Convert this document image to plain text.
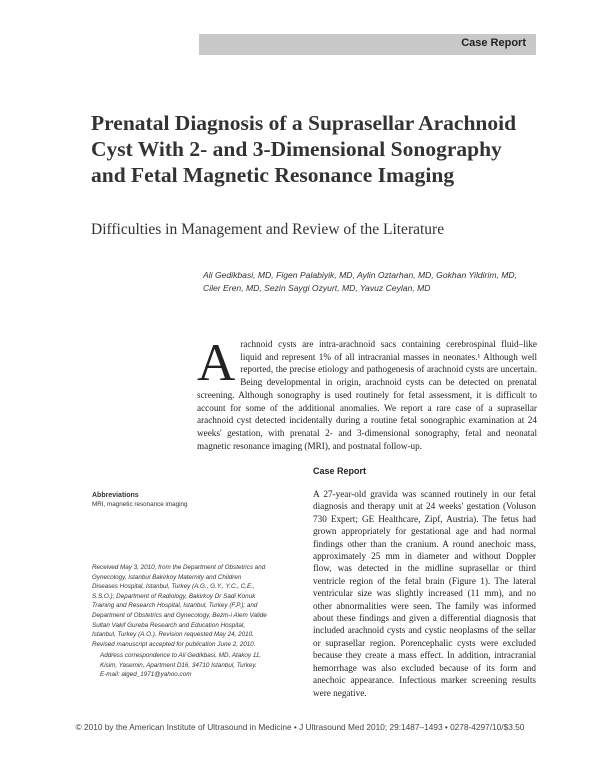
Case Report
Prenatal Diagnosis of a Suprasellar Arachnoid Cyst With 2- and 3-Dimensional Sonography and Fetal Magnetic Resonance Imaging
Difficulties in Management and Review of the Literature
Ali Gedikbasi, MD, Figen Palabiyik, MD, Aylin Oztarhan, MD, Gokhan Yildirim, MD, Ciler Eren, MD, Sezin Saygi Ozyurt, MD, Yavuz Ceylan, MD
Arachnoid cysts are intra-arachnoid sacs containing cerebrospinal fluid–like liquid and represent 1% of all intracranial masses in neonates.¹ Although well reported, the precise etiology and pathogenesis of arachnoid cysts are uncertain. Being developmental in origin, arachnoid cysts can be detected on prenatal screening. Although sonography is used routinely for fetal assessment, it is difficult to account for some of the additional anomalies. We report a rare case of a suprasellar arachnoid cyst detected incidentally during a routine fetal sonographic examination at 24 weeks' gestation, with prenatal 2- and 3-dimensional sonography, fetal and neonatal magnetic resonance imaging (MRI), and postnatal follow-up.
Case Report
A 27-year-old gravida was scanned routinely in our fetal diagnosis and therapy unit at 24 weeks' gestation (Voluson 730 Expert; GE Healthcare, Zipf, Austria). The fetus had grown appropriately for gestational age and had normal findings other than the cranium. A round anechoic mass, approximately 25 mm in diameter and without Doppler flow, was detected in the midline suprasellar or third ventricle region of the fetal brain (Figure 1). The lateral ventricular size was slightly increased (11 mm), and no other abnormalities were seen. The family was informed about these findings and given a differential diagnosis that included arachnoid cysts and cystic neoplasms of the sellar or suprasellar region. Porencephalic cysts were excluded because they create a mass effect. In addition, intracranial hemorrhage was also excluded because of its form and anechoic appearance. Infectious marker screening results were negative.
Abbreviations
MRI, magnetic resonance imaging
Received May 3, 2010, from the Department of Obstetrics and Gynecology, Istanbul Bakirkoy Maternity and Children Diseases Hospital, Istanbul, Turkey (A.G., G.Y., Y.C., C.E., S.S.O.); Department of Radiology, Bakirkoy Dr Sadi Konuk Training and Research Hospital, Istanbul, Turkey (F.P.); and Department of Obstetrics and Gynecology, Bezm-i Alem Valide Sultan Vakif Gureba Research and Education Hospital, Istanbul, Turkey (A.O.). Revision requested May 24, 2010. Revised manuscript accepted for publication June 2, 2010.
Address correspondence to Ali Gedikbasi, MD, Atakoy 11, Kisim, Yasemin, Apartment D16, 34710 Istanbul, Turkey.
E-mail: alged_1971@yahoo.com
© 2010 by the American Institute of Ultrasound in Medicine • J Ultrasound Med 2010; 29:1487–1493 • 0278-4297/10/$3.50
